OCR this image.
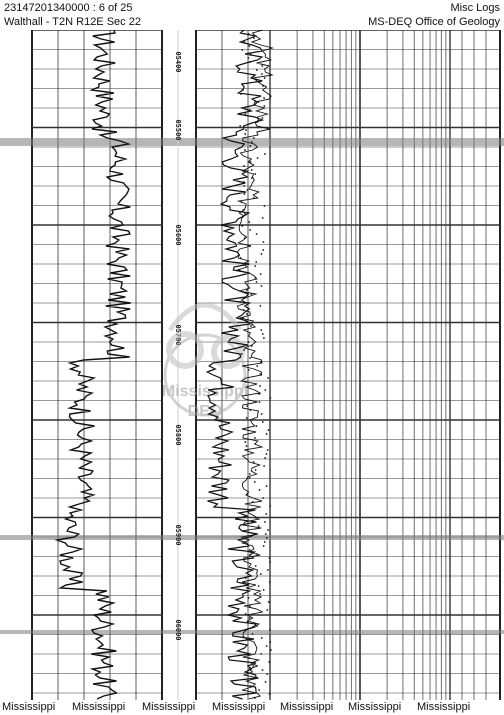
23147201340000 : 6 of 25
Walthall - T2N R12E Sec 22
Misc Logs
MS-DEQ Office of Geology
05400
05500
05600
05700
05800
05900
06000
Mississippi
DEQ
Mississippi Mississippi Mississippi Mississippi Mississippi Mississippi Mississippi
